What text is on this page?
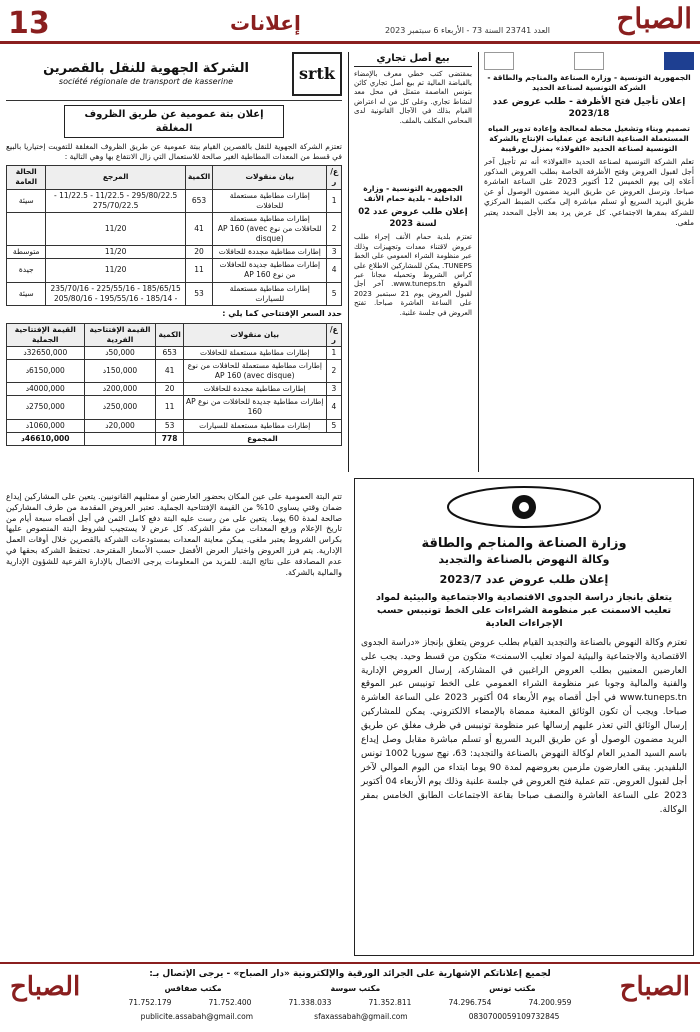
13	إعلانات	العدد 23741 السنة 73 - الأربعاء 6 سبتمبر 2023 الصباح
srtk
الشركة الجهوية للنقل بالقصرين
société régionale de transport de kasserine
إعلان بتة عمومية عن طريق الظروف المغلقة
تعتزم الشركة الجهوية للنقل بالقصرين القيام ببتة عمومية عن طريق الظروف المغلقة للتفويت إختياريا بالبيع في قسط من المعدات المطاطية الغير صالحة للاستعمال التي زال الانتفاع بها وهي التالية :
ع/ر	بيان منقولات	الكمية	المرجع	الحالة العامة
1	إطارات مطاطية مستعملة للحافلات	653	295/80/22.5 - 11/22.5 - 11/22.5 - 275/70/22.5	سيئة
2	إطارات مطاطية مستعملة للحافلات من نوع AP 160 (avec disque)	41	11/20	
3	إطارات مطاطية مجددة للحافلات	20	11/20	متوسطة
4	إطارات مطاطية جديدة للحافلات من نوع AP 160	11	11/20	جيدة
5	إطارات مطاطية مستعملة للسيارات	53	185/65/15 - 225/55/16 - 235/70/16 - 185/14 - 195/55/16 - 205/80/16	سيئة
حدد السعر الإفتتاحي كما يلي :
ع/ر	بيان منقولات	الكمية	القيمة الإفتتاحية الفردية	القيمة الإفتتاحية الجملية
1	إطارات مطاطية مستعملة للحافلات	653	50,000د	32650,000د
2	إطارات مطاطية مستعملة للحافلات من نوع AP 160 (avec disque)	41	150,000د	6150,000د
3	إطارات مطاطية مجددة للحافلات	20	200,000د	4000,000د
4	إطارات مطاطية جديدة للحافلات من نوع AP 160	11	250,000د	2750,000د
5	إطارات مطاطية مستعملة للسيارات	53	20,000د	1060,000د
المجموع		778		46610,000د
بيع أصل تجاري
بمقتضى كتب خطي معرف بالإمضاء بالقباضة المالية تم بيع أصل تجاري كائن بتونس العاصمة متمثل في محل معد لنشاط تجاري. وعلى كل من له اعتراض القيام بذلك في الآجال القانونية لدى المحامي المكلف بالملف.
الجمهورية التونسية - وزارة الداخلية - بلدية حمام الأنف
إعلان طلب عروض عدد 02 لسنة 2023
تعتزم بلدية حمام الأنف إجراء طلب عروض لاقتناء معدات وتجهيزات وذلك عبر منظومة الشراء العمومي على الخط TUNEPS. يمكن للمشاركين الاطلاع على كراس الشروط وتحميله مجانا عبر الموقع www.tuneps.tn. آخر أجل لقبول العروض يوم 21 سبتمبر 2023 على الساعة العاشرة صباحا. تفتح العروض في جلسة علنية.
الجمهورية التونسية - وزارة الصناعة والمناجم والطاقة - الشركة التونسية لصناعة الحديد
إعلان تأجيل فتح الأظرفة - طلب عروض عدد 2023/18
تصميم وبناء وتشغيل محطة لمعالجة وإعادة تدوير المياه المستعملة الصناعية الناتجة عن عمليات الإنتاج بالشركة التونسية لصناعة الحديد «الفولاذ» بمنزل بورقيبة
تعلم الشركة التونسية لصناعة الحديد «الفولاذ» أنه تم تأجيل آخر أجل لقبول العروض وفتح الأظرفة الخاصة بطلب العروض المذكور أعلاه إلى يوم الخميس 12 أكتوبر 2023 على الساعة العاشرة صباحا. وترسل العروض عن طريق البريد مضمون الوصول أو عن طريق البريد السريع أو تسلم مباشرة إلى مكتب الضبط المركزي للشركة بمقرها الاجتماعي. كل عرض يرد بعد الأجل المحدد يعتبر ملغى.
تتم البتة العمومية على عين المكان بحضور العارضين أو ممثليهم القانونيين. يتعين على المشاركين إيداع ضمان وقتي يساوي 10% من القيمة الإفتتاحية الجملية. تعتبر العروض المقدمة من طرف المشاركين صالحة لمدة 60 يوما. يتعين على من رست عليه البتة دفع كامل الثمن في أجل أقصاه سبعة أيام من تاريخ الإعلام ورفع المعدات من مقر الشركة. كل عرض لا يستجيب لشروط البتة المنصوص عليها بكراس الشروط يعتبر ملغى. يمكن معاينة المعدات بمستودعات الشركة بالقصرين خلال أوقات العمل الإدارية. يتم فرز العروض واختيار العرض الأفضل حسب الأسعار المقترحة. تحتفظ الشركة بحقها في عدم المصادقة على نتائج البتة. للمزيد من المعلومات يرجى الاتصال بالإدارة الفرعية للشؤون الإدارية والمالية بالشركة.
وزارة الصناعة والمناجم والطاقة
وكالة النهوض بالصناعة والتجديد
إعلان طلب عروض عدد 2023/7
يتعلق بانجاز دراسة الجدوى الاقتصادية والاجتماعية والبيئية لمواد تعليب الاسمنت عبر منظومة الشراءات على الخط تونيبس حسب الإجراءات العادية
تعتزم وكالة النهوض بالصناعة والتجديد القيام بطلب عروض يتعلق بإنجاز «دراسة الجدوى الاقتصادية والاجتماعية والبيئية لمواد تعليب الاسمنت» متكون من قسط وحيد. يجب على العارضين المعنيين بطلب العروض الراغبين في المشاركة، إرسال العروض الإدارية والفنية والمالية وجوبا عبر منظومة الشراء العمومي على الخط تونيبس عبر الموقع www.tuneps.tn في أجل أقصاه يوم الأربعاء 04 أكتوبر 2023 على الساعة العاشرة صباحا. ويجب أن تكون الوثائق المعنية ممضاة بالإمضاء الالكتروني. يمكن للمشاركين إرسال الوثائق التي تعذر عليهم إرسالها عبر منظومة تونيبس في ظرف مغلق عن طريق البريد مضمون الوصول أو عن طريق البريد السريع أو تسلم مباشرة مقابل وصل إيداع باسم السيد المدير العام لوكالة النهوض بالصناعة والتجديد: 63، نهج سوريا 1002 تونس البلفيدير. يبقى العارضون ملزمين بعروضهم لمدة 90 يوما ابتداء من اليوم الموالي لآخر أجل لقبول العروض. تتم عملية فتح العروض في جلسة علنية وذلك يوم الأربعاء 04 أكتوبر 2023 على الساعة العاشرة والنصف صباحا بقاعة الاجتماعات الطابق الخامس بمقر الوكالة.
الصباح
الصباح	لجميع إعلاناتكم الإشهارية على الجرائد الورقية والإلكترونية «دار الصباح» - يرجى الإتصال بـ:
مكتب تونس
مكتب سوسة
مكتب صفاقس
71.752.179	71.752.400	71.338.033	71.352.811	74.296.754	74.200.959
publicite.assabah@gmail.com	sfaxassabah@gmail.com	0830700059109732845
